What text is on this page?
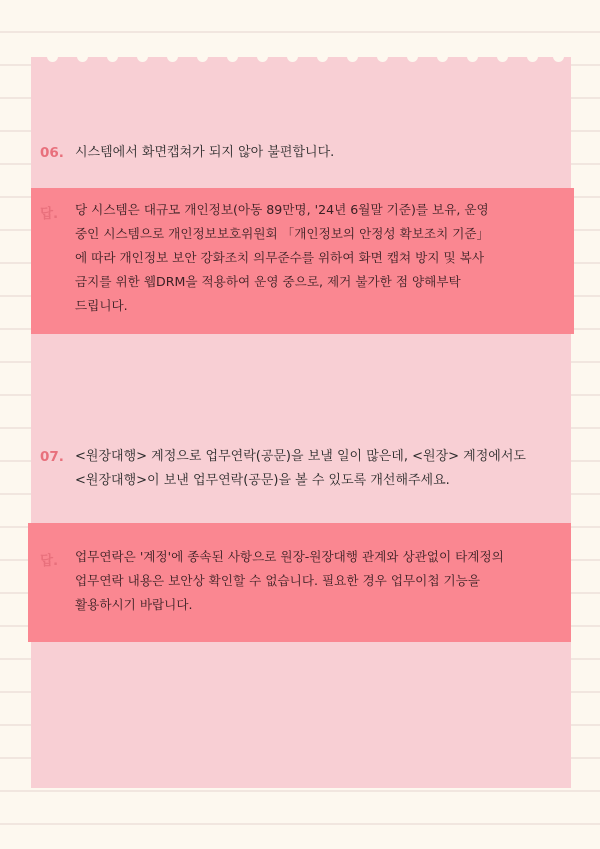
06. 시스템에서 화면캡쳐가 되지 않아 불편합니다.
답. 당 시스템은 대규모 개인정보(아동 89만명, '24년 6월말 기준)를 보유, 운영
중인 시스템으로 개인정보보호위원회 「개인정보의 안정성 확보조치 기준」
에 따라 개인정보 보안 강화조치 의무준수를 위하여 화면 캡쳐 방지 및 복사
금지를 위한 웹DRM을 적용하여 운영 중으로, 제거 불가한 점 양해부탁
드립니다.
07. <원장대행> 계정으로 업무연락(공문)을 보낼 일이 많은데, <원장> 계정에서도
<원장대행>이 보낸 업무연락(공문)을 볼 수 있도록 개선해주세요.
답. 업무연락은 '계정'에 종속된 사항으로 원장-원장대행 관계와 상관없이 타계정의
업무연락 내용은 보안상 확인할 수 없습니다. 필요한 경우 업무이첩 기능을
활용하시기 바랍니다.
